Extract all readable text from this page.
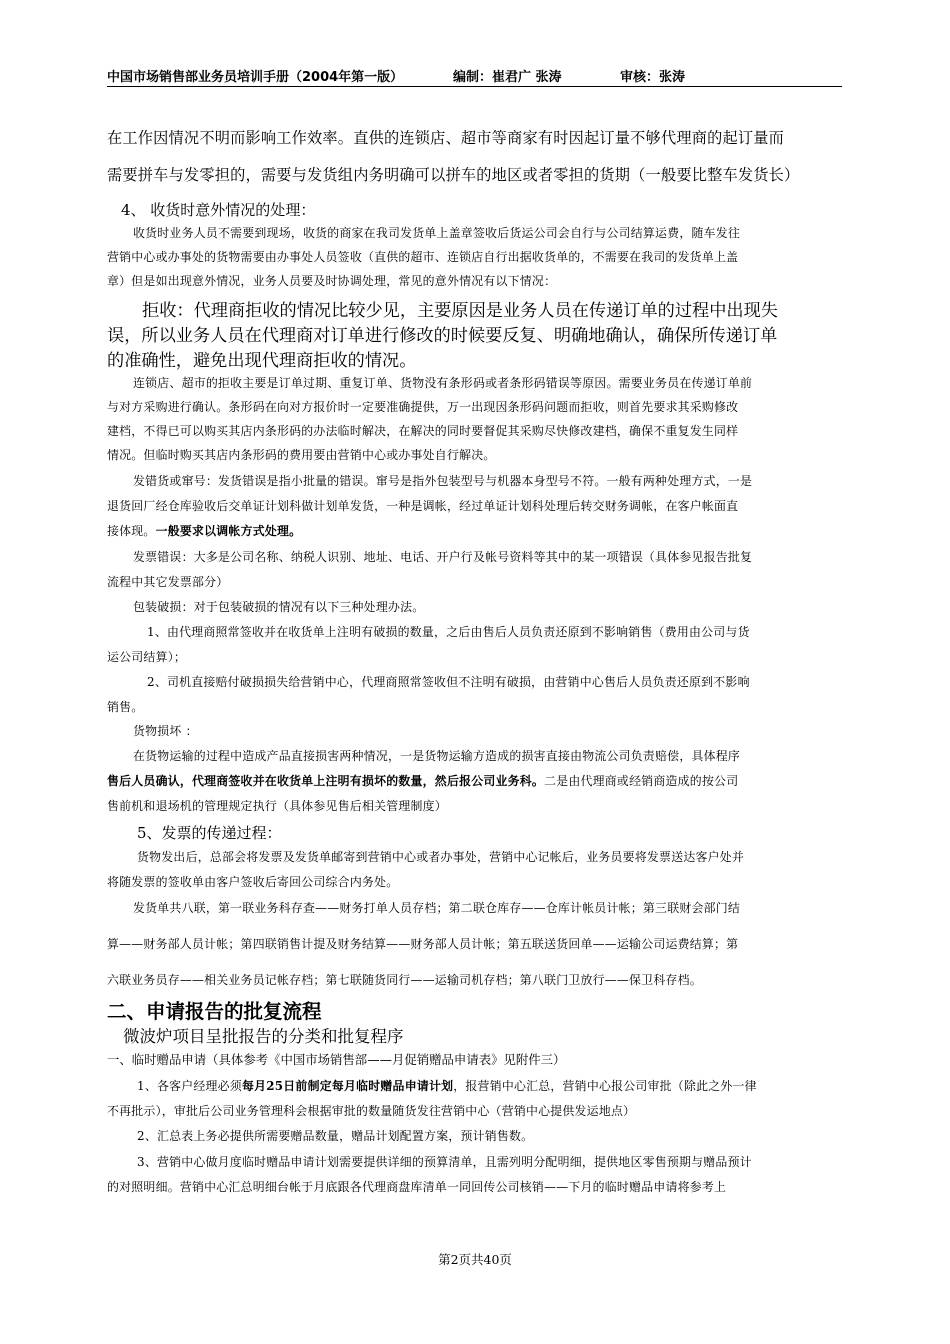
中国市场销售部业务员培训手册（2004年第一版）	编制：崔君广 张涛	审核：张涛
在工作因情况不明而影响工作效率。直供的连锁店、超市等商家有时因起订量不够代理商的起订量而
需要拼车与发零担的，需要与发货组内务明确可以拼车的地区或者零担的货期（一般要比整车发货长）
4、 收货时意外情况的处理：
收货时业务人员不需要到现场，收货的商家在我司发货单上盖章签收后货运公司会自行与公司结算运费，随车发往
营销中心或办事处的货物需要由办事处人员签收（直供的超市、连锁店自行出据收货单的，不需要在我司的发货单上盖
章）但是如出现意外情况，业务人员要及时协调处理，常见的意外情况有以下情况：
拒收：代理商拒收的情况比较少见，主要原因是业务人员在传递订单的过程中出现失
误，所以业务人员在代理商对订单进行修改的时候要反复、明确地确认，确保所传递订单
的准确性，避免出现代理商拒收的情况。
连锁店、超市的拒收主要是订单过期、重复订单、货物没有条形码或者条形码错误等原因。需要业务员在传递订单前
与对方采购进行确认。条形码在向对方报价时一定要准确提供，万一出现因条形码问题而拒收，则首先要求其采购修改
建档，不得已可以购买其店内条形码的办法临时解决，在解决的同时要督促其采购尽快修改建档，确保不重复发生同样
情况。但临时购买其店内条形码的费用要由营销中心或办事处自行解决。
发错货或窜号：发货错误是指小批量的错误。窜号是指外包装型号与机器本身型号不符。一般有两种处理方式，一是
退货回厂经仓库验收后交单证计划科做计划单发货，一种是调帐，经过单证计划科处理后转交财务调帐，在客户帐面直
接体现。一般要求以调帐方式处理。
发票错误：大多是公司名称、纳税人识别、地址、电话、开户行及帐号资料等其中的某一项错误（具体参见报告批复
流程中其它发票部分）
包装破损：对于包装破损的情况有以下三种处理办法。
1、由代理商照常签收并在收货单上注明有破损的数量，之后由售后人员负责还原到不影响销售（费用由公司与货
运公司结算）；
2、司机直接赔付破损损失给营销中心，代理商照常签收但不注明有破损，由营销中心售后人员负责还原到不影响
销售。
货物损坏 ：
在货物运输的过程中造成产品直接损害两种情况，一是货物运输方造成的损害直接由物流公司负责赔偿，具体程序
售后人员确认，代理商签收并在收货单上注明有损坏的数量，然后报公司业务科。二是由代理商或经销商造成的按公司
售前机和退场机的管理规定执行（具体参见售后相关管理制度）
5、发票的传递过程：
货物发出后，总部会将发票及发货单邮寄到营销中心或者办事处，营销中心记帐后，业务员要将发票送达客户处并
将随发票的签收单由客户签收后寄回公司综合内务处。
发货单共八联，第一联业务科存查——财务打单人员存档；第二联仓库存——仓库计帐员计帐；第三联财会部门结
算——财务部人员计帐；第四联销售计提及财务结算——财务部人员计帐；第五联送货回单——运输公司运费结算；第
六联业务员存——相关业务员记帐存档；第七联随货同行——运输司机存档；第八联门卫放行——保卫科存档。
二、申请报告的批复流程
微波炉项目呈批报告的分类和批复程序
一、临时赠品申请（具体参考《中国市场销售部——月促销赠品申请表》见附件三）
1、各客户经理必须每月25日前制定每月临时赠品申请计划，报营销中心汇总，营销中心报公司审批（除此之外一律
不再批示），审批后公司业务管理科会根据审批的数量随货发往营销中心（营销中心提供发运地点）
2、汇总表上务必提供所需要赠品数量，赠品计划配置方案，预计销售数。
3、营销中心做月度临时赠品申请计划需要提供详细的预算清单，且需列明分配明细，提供地区零售预期与赠品预计
的对照明细。营销中心汇总明细台帐于月底跟各代理商盘库清单一同回传公司核销——下月的临时赠品申请将参考上
第2页共40页
